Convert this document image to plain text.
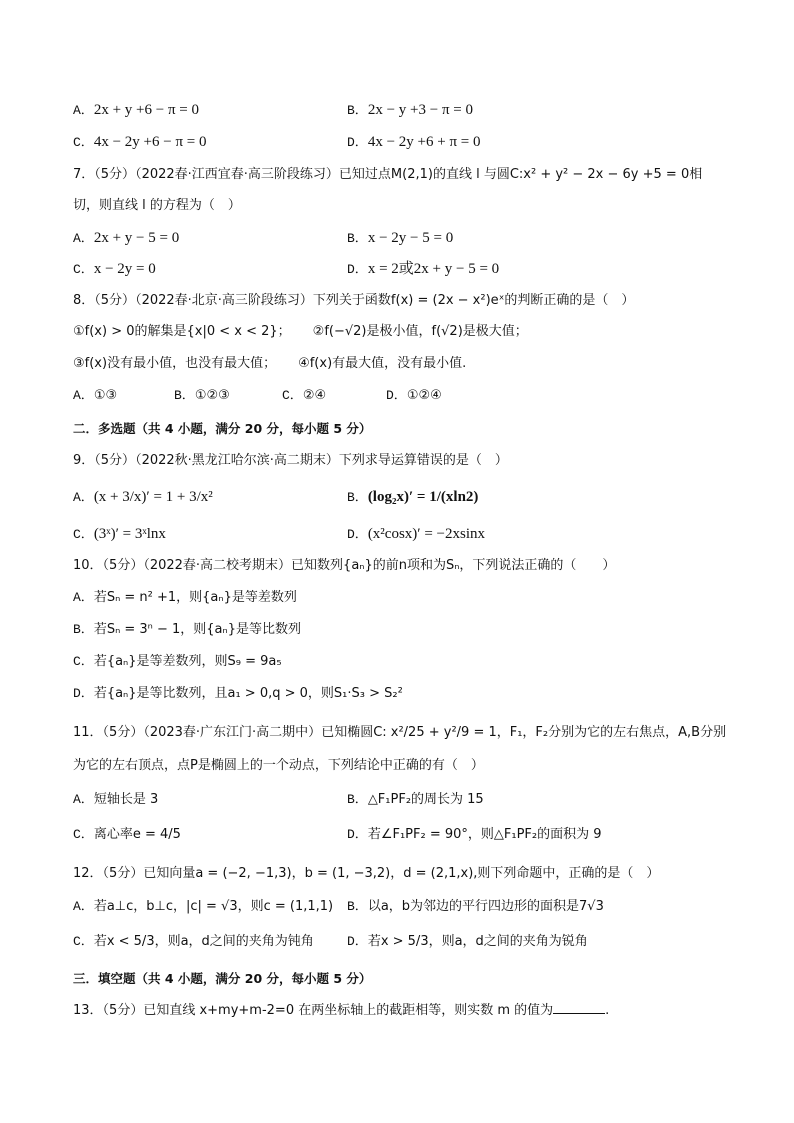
A．2x + y +6 − π = 0	B．2x − y +3 − π = 0
C．4x − 2y +6 − π = 0	D．4x − 2y +6 + π = 0
7．（5分）（2022春·江西宜春·高三阶段练习）已知过点M(2,1)的直线 l 与圆C:x² + y² − 2x − 6y +5 = 0相
切，则直线 l 的方程为（　）
A．2x + y − 5 = 0	B．x − 2y − 5 = 0
C．x − 2y = 0	D．x = 2或2x + y − 5 = 0
8．（5分）（2022春·北京·高三阶段练习）下列关于函数f(x) = (2x − x²)eˣ的判断正确的是（　）
①f(x) > 0的解集是{x|0 < x < 2}； ②f(−√2)是极小值，f(√2)是极大值；
③f(x)没有最小值，也没有最大值； ④f(x)有最大值，没有最小值.
A．①③	B．①②③	C．②④	D．①②④
二．多选题（共 4 小题，满分 20 分，每小题 5 分）
9．（5分）（2022秋·黑龙江哈尔滨·高二期末）下列求导运算错误的是（　）
A．(x + 3/x)′ = 1 + 3/x²	B．(log₂x)′ = 1/(xln2)
C．(3ˣ)′ = 3ˣlnx	D．(x²cosx)′ = −2xsinx
10．（5分）（2022春·高二校考期末）已知数列{aₙ}的前n项和为Sₙ，下列说法正确的（　　）
A．若Sₙ = n² +1，则{aₙ}是等差数列
B．若Sₙ = 3ⁿ − 1，则{aₙ}是等比数列
C．若{aₙ}是等差数列，则S₉ = 9a₅
D．若{aₙ}是等比数列，且a₁ > 0,q > 0，则S₁·S₃ > S₂²
11．（5分）（2023春·广东江门·高二期中）已知椭圆C: x²/25 + y²/9 = 1，F₁，F₂分别为它的左右焦点，A,B分别
为它的左右顶点，点P是椭圆上的一个动点，下列结论中正确的有（　）
A．短轴长是 3	B．△F₁PF₂的周长为 15
C．离心率e = 4/5	D．若∠F₁PF₂ = 90°，则△F₁PF₂的面积为 9
12．（5分）已知向量a = (−2, −1,3)，b = (1, −3,2)，d = (2,1,x),则下列命题中，正确的是（　）
A．若a⊥c，b⊥c，|c| = √3，则c = (1,1,1) B．以a，b为邻边的平行四边形的面积是7√3
C．若x < 5/3，则a，d之间的夹角为钝角	D．若x > 5/3，则a，d之间的夹角为锐角
三．填空题（共 4 小题，满分 20 分，每小题 5 分）
13．（5分）已知直线 x+my+m-2=0 在两坐标轴上的截距相等，则实数 m 的值为	.
